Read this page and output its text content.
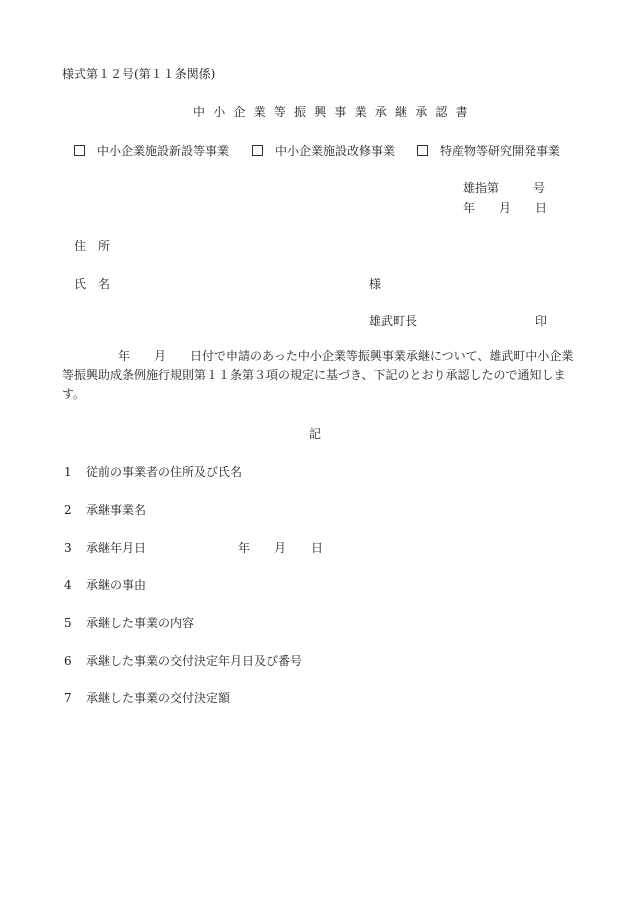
様式第１２号(第１１条関係)
中小企業等振興事業承継承認書
中小企業施設新設等事業	中小企業施設改修事業	特産物等研究開発事業
雄指第	号
年 月 日
住　所
氏　名	様
雄武町長	印
年 月 日付で申請のあった中小企業等振興事業承継について、雄武町中小企業等振興助成条例施行規則第１１条第３項の規定に基づき、下記のとおり承認したので通知します。
記
1 従前の事業者の住所及び氏名
2 承継事業名
3 承継年月日	年 月 日
4 承継の事由
5 承継した事業の内容
6 承継した事業の交付決定年月日及び番号
7 承継した事業の交付決定額
